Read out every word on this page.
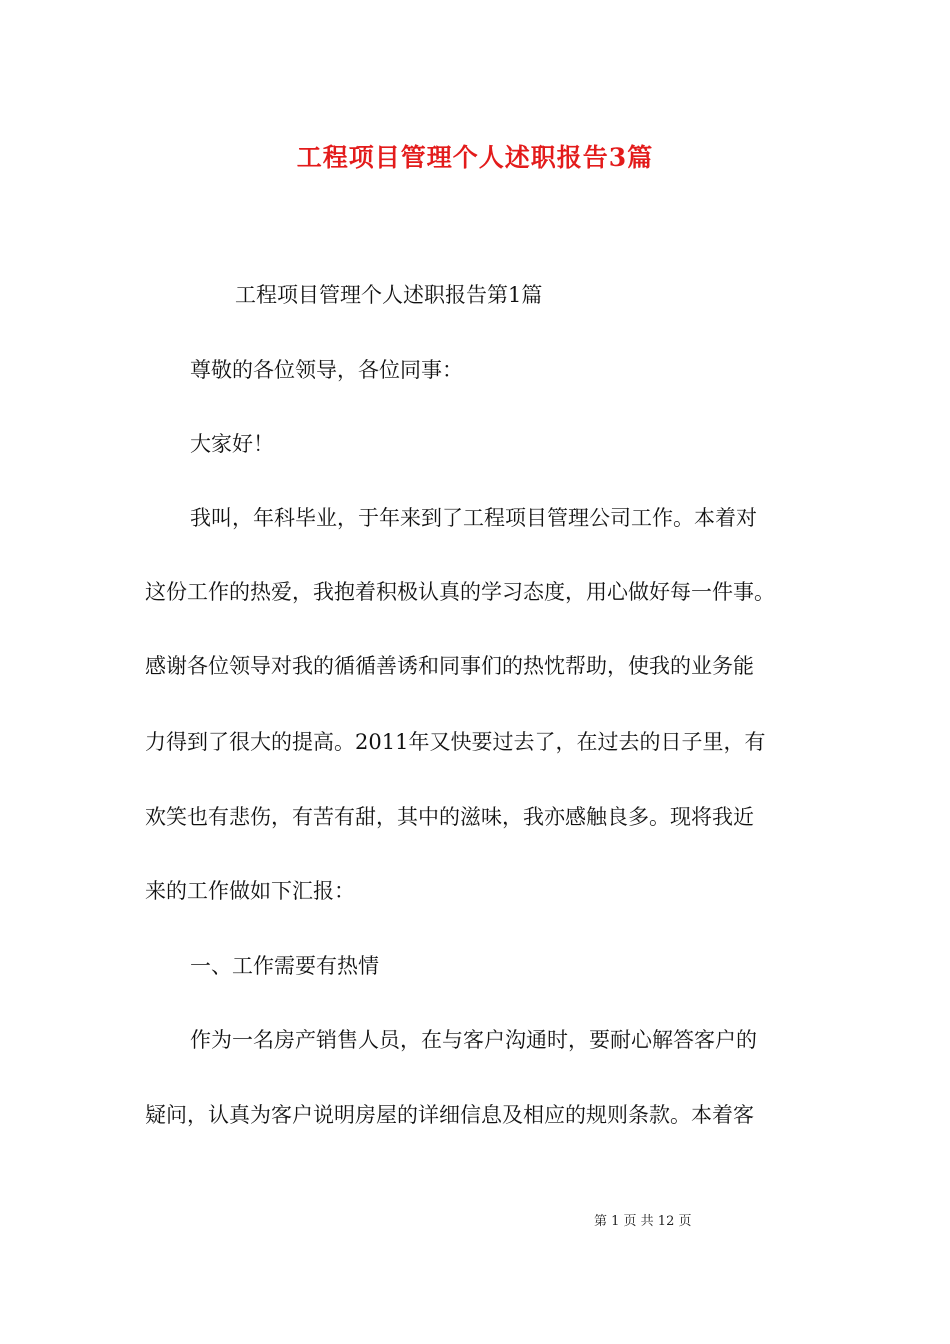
工程项目管理个人述职报告3篇
工程项目管理个人述职报告第1篇
尊敬的各位领导，各位同事：
大家好！
我叫，年科毕业，于年来到了工程项目管理公司工作。本着对
这份工作的热爱，我抱着积极认真的学习态度，用心做好每一件事。
感谢各位领导对我的循循善诱和同事们的热忱帮助，使我的业务能
力得到了很大的提高。2011年又快要过去了，在过去的日子里，有
欢笑也有悲伤，有苦有甜，其中的滋味，我亦感触良多。现将我近
来的工作做如下汇报：
一、工作需要有热情
作为一名房产销售人员，在与客户沟通时，要耐心解答客户的
疑问，认真为客户说明房屋的详细信息及相应的规则条款。本着客
第 1 页 共 12 页
